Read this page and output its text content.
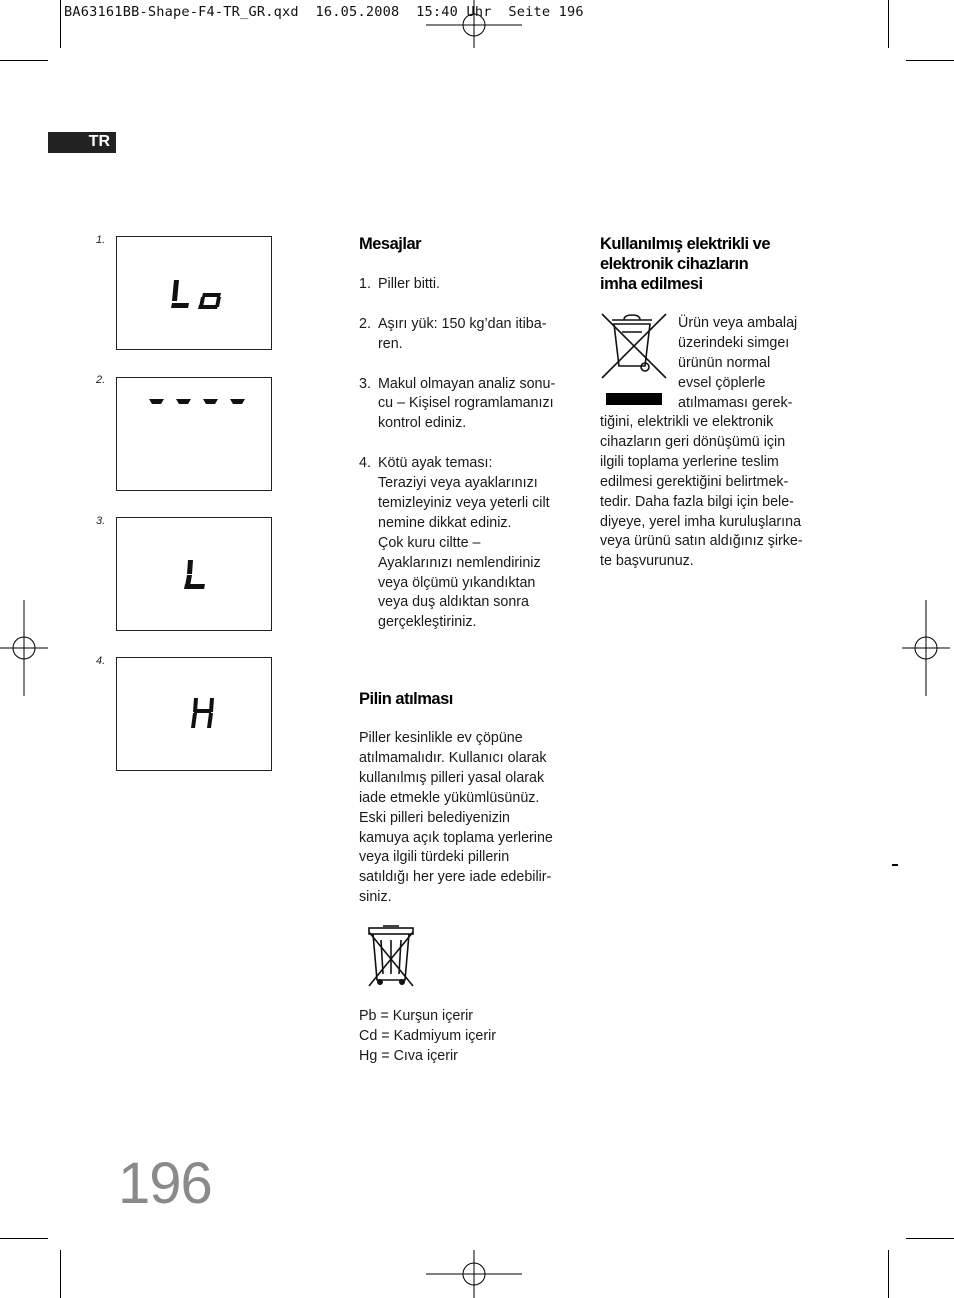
BA63161BB-Shape-F4-TR_GR.qxd  16.05.2008  15:40 Uhr  Seite 196
TR
1.
2.
3.
4.
Mesajlar
1. Piller bitti.
2. Aşırı yük: 150 kg’dan itiba-
ren.
3. Makul olmayan analiz sonu-
cu – Kişisel rogramlamanızı
kontrol ediniz.
4. Kötü ayak teması:
Teraziyi veya ayaklarınızı
temizleyiniz veya yeterli cilt
nemine dikkat ediniz.
Çok kuru ciltte –
Ayaklarınızı nemlendiriniz
veya ölçümü yıkandıktan
veya duş aldıktan sonra
gerçekleştiriniz.
Pilin atılması
Piller kesinlikle ev çöpüne
atılmamalıdır. Kullanıcı olarak
kullanılmış pilleri yasal olarak
iade etmekle yükümlüsünüz.
Eski pilleri belediyenizin
kamuya açık toplama yerlerine
veya ilgili türdeki pillerin
satıldığı her yere iade edebilir-
siniz.
Pb = Kurşun içerir
Cd = Kadmiyum içerir
Hg = Cıva içerir
Kullanılmış elektrikli ve
elektronik cihazların
imha edilmesi
Ürün veya ambalaj
üzerindeki simgeı
ürünün normal
evsel çöplerle
atılmaması gerek-
tiğini, elektrikli ve elektronik
cihazların geri dönüşümü için
ilgili toplama yerlerine teslim
edilmesi gerektiğini belirtmek-
tedir. Daha fazla bilgi için bele-
diyeye, yerel imha kuruluşlarına
veya ürünü satın aldığınız şirke-
te başvurunuz.
196
